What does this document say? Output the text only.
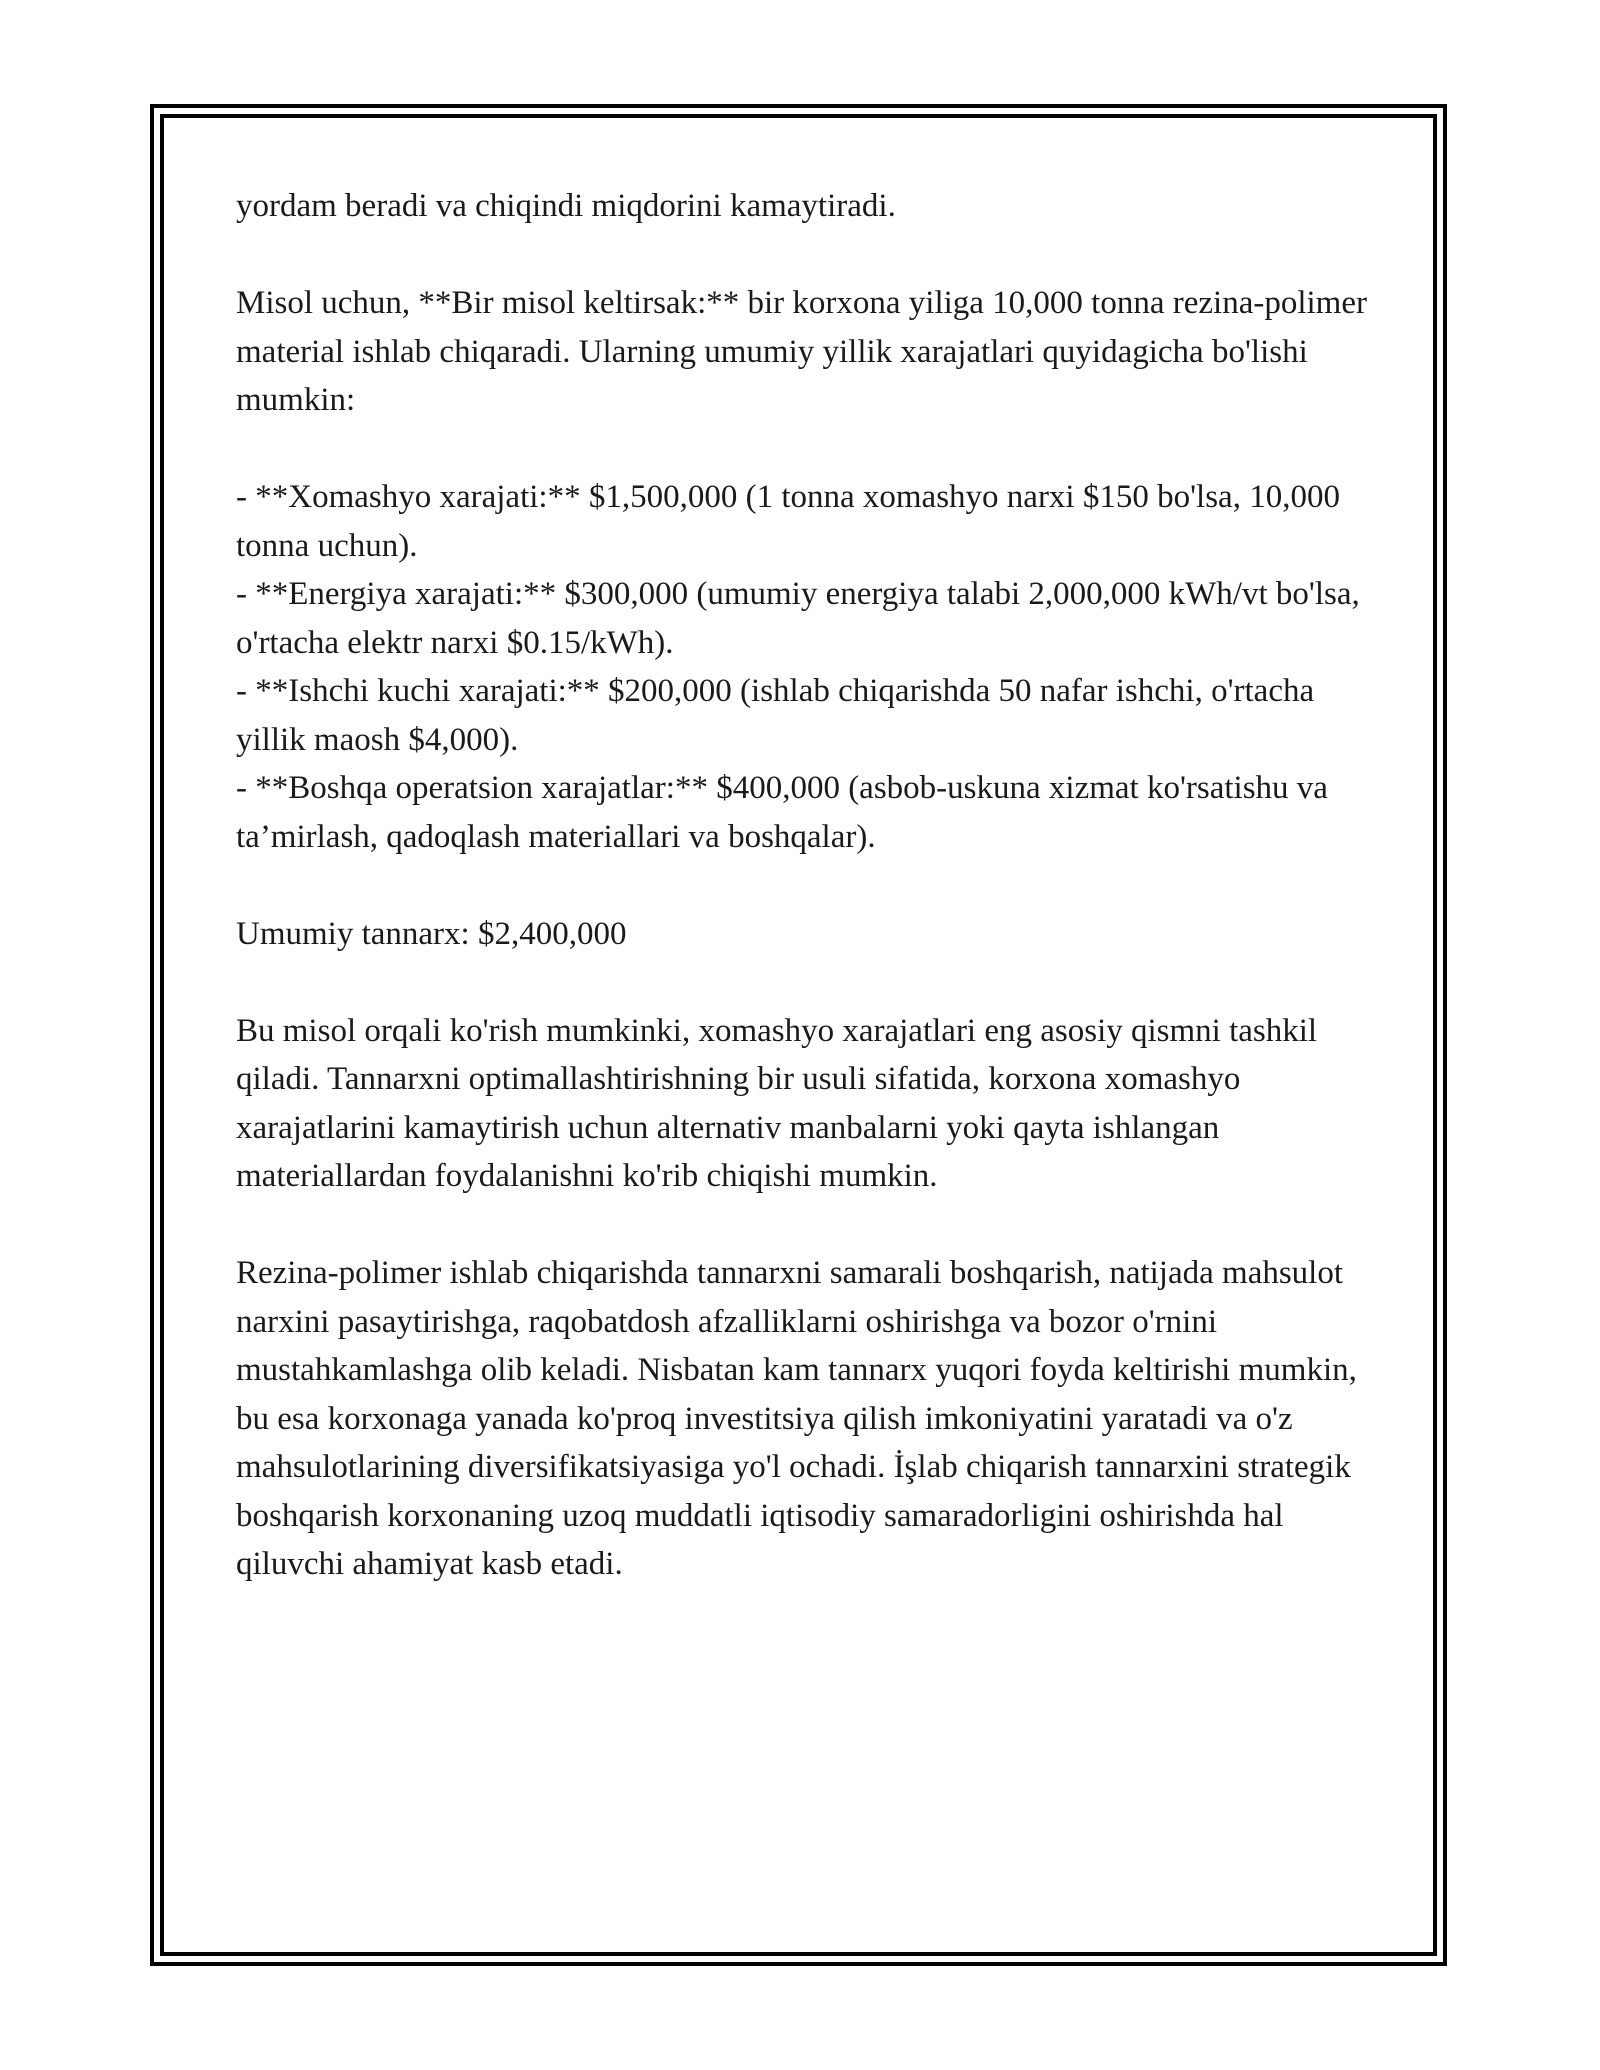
yordam beradi va chiqindi miqdorini kamaytiradi.

Misol uchun, **Bir misol keltirsak:** bir korxona yiliga 10,000 tonna rezina-polimer material ishlab chiqaradi. Ularning umumiy yillik xarajatlari quyidagicha bo'lishi mumkin:

- **Xomashyo xarajati:** $1,500,000 (1 tonna xomashyo narxi $150 bo'lsa, 10,000 tonna uchun).
- **Energiya xarajati:** $300,000 (umumiy energiya talabi 2,000,000 kWh/vt bo'lsa, o'rtacha elektr narxi $0.15/kWh).
- **Ishchi kuchi xarajati:** $200,000 (ishlab chiqarishda 50 nafar ishchi, o'rtacha yillik maosh $4,000).
- **Boshqa operatsion xarajatlar:** $400,000 (asbob-uskuna xizmat ko'rsatishu va ta’mirlash, qadoqlash materiallari va boshqalar).

Umumiy tannarx: $2,400,000

Bu misol orqali ko'rish mumkinki, xomashyo xarajatlari eng asosiy qismni tashkil qiladi. Tannarxni optimallashtirishning bir usuli sifatida, korxona xomashyo xarajatlarini kamaytirish uchun alternativ manbalarni yoki qayta ishlangan materiallardan foydalanishni ko'rib chiqishi mumkin.

Rezina-polimer ishlab chiqarishda tannarxni samarali boshqarish, natijada mahsulot narxini pasaytirishga, raqobatdosh afzalliklarni oshirishga va bozor o'rnini mustahkamlashga olib keladi. Nisbatan kam tannarx yuqori foyda keltirishi mumkin, bu esa korxonaga yanada ko'proq investitsiya qilish imkoniyatini yaratadi va o'z mahsulotlarining diversifikatsiyasiga yo'l ochadi. İşlab chiqarish tannarxini strategik boshqarish korxonaning uzoq muddatli iqtisodiy samaradorligini oshirishda hal qiluvchi ahamiyat kasb etadi.
